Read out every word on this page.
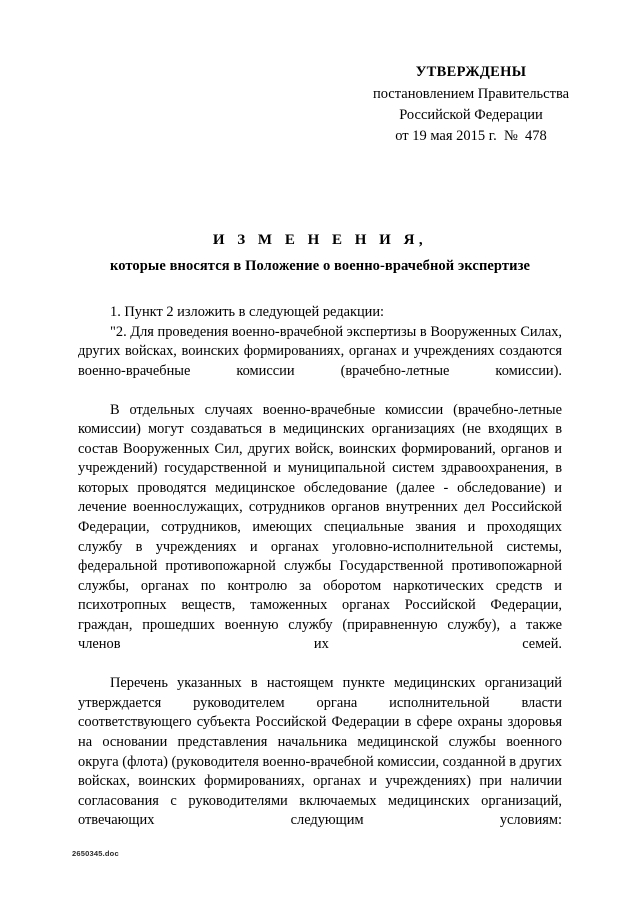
УТВЕРЖДЕНЫ
постановлением Правительства
Российской Федерации
от 19 мая 2015 г.  №  478
И З М Е Н Е Н И Я,
которые вносятся в Положение о военно-врачебной экспертизе

1. Пункт 2 изложить в следующей редакции:

"2. Для проведения военно-врачебной экспертизы в Вооруженных Силах, других войсках, воинских формированиях, органах и учреждениях создаются военно-врачебные комиссии (врачебно-летные комиссии).

В отдельных случаях военно-врачебные комиссии (врачебно-летные комиссии) могут создаваться в медицинских организациях (не входящих в состав Вооруженных Сил, других войск, воинских формирований, органов и учреждений) государственной и муниципальной систем здравоохранения, в которых проводятся медицинское обследование (далее - обследование) и лечение военнослужащих, сотрудников органов внутренних дел Российской Федерации, сотрудников, имеющих специальные звания и проходящих службу в учреждениях и органах уголовно-исполнительной системы, федеральной противопожарной службы Государственной противопожарной службы, органах по контролю за оборотом наркотических средств и психотропных веществ, таможенных органах Российской Федерации, граждан, прошедших военную службу (приравненную службу), а также членов их семей.

Перечень указанных в настоящем пункте медицинских организаций утверждается руководителем органа исполнительной власти соответствующего субъекта Российской Федерации в сфере охраны здоровья на основании представления начальника медицинской службы военного округа (флота) (руководителя военно-врачебной комиссии, созданной в других войсках, воинских формированиях, органах и учреждениях) при наличии согласования с руководителями включаемых медицинских организаций, отвечающих следующим условиям:

2650345.doc
